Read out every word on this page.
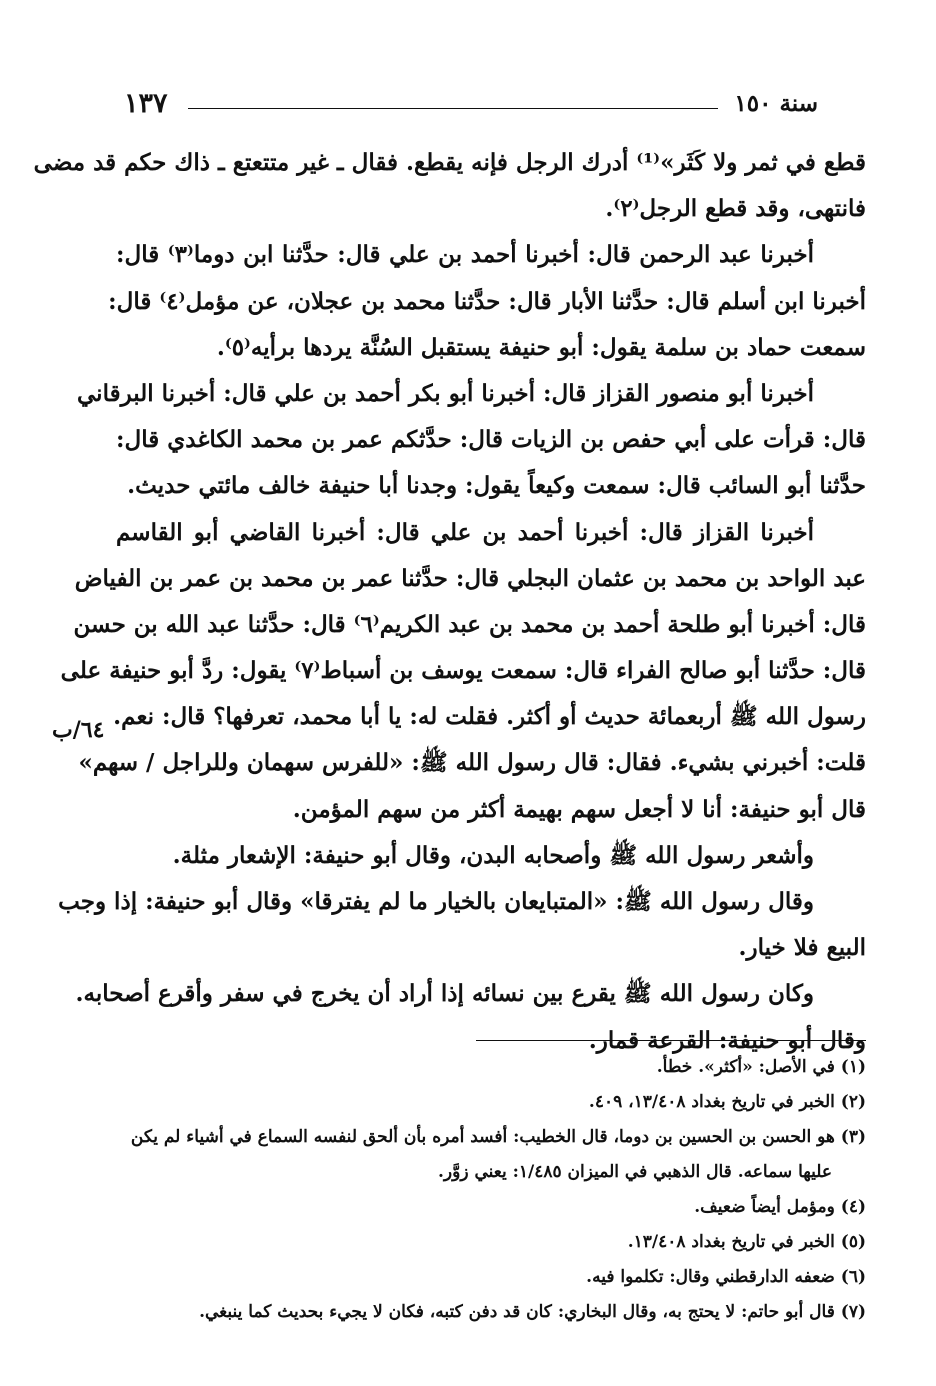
١٣٧	سنة ١٥٠
قطع في ثمر ولا كَثَر»⁽¹⁾ أدرك الرجل فإنه يقطع. فقال ـ غير متتعتع ـ ذاك حكم قد مضى
فانتهى، وقد قطع الرجل⁽٢⁾.
أخبرنا عبد الرحمن قال: أخبرنا أحمد بن علي قال: حدَّثنا ابن دوما⁽٣⁾ قال:
أخبرنا ابن أسلم قال: حدَّثنا الأبار قال: حدَّثنا محمد بن عجلان، عن مؤمل⁽٤⁾ قال:
سمعت حماد بن سلمة يقول: أبو حنيفة يستقبل السُنَّة يردها برأيه⁽٥⁾.
أخبرنا أبو منصور القزاز قال: أخبرنا أبو بكر أحمد بن علي قال: أخبرنا البرقاني
قال: قرأت على أبي حفص بن الزيات قال: حدَّثكم عمر بن محمد الكاغدي قال:
حدَّثنا أبو السائب قال: سمعت وكيعاً يقول: وجدنا أبا حنيفة خالف مائتي حديث.
أخبرنا القزاز قال: أخبرنا أحمد بن علي قال: أخبرنا القاضي أبو القاسم
عبد الواحد بن محمد بن عثمان البجلي قال: حدَّثنا عمر بن محمد بن عمر بن الفياض
قال: أخبرنا أبو طلحة أحمد بن محمد بن عبد الكريم⁽٦⁾ قال: حدَّثنا عبد الله بن حسن
قال: حدَّثنا أبو صالح الفراء قال: سمعت يوسف بن أسباط⁽٧⁾ يقول: ردَّ أبو حنيفة على
رسول الله ﷺ أربعمائة حديث أو أكثر. فقلت له: يا أبا محمد، تعرفها؟ قال: نعم.
قلت: أخبرني بشيء. فقال: قال رسول الله ﷺ: «للفرس سهمان وللراجل / سهم»
قال أبو حنيفة: أنا لا أجعل سهم بهيمة أكثر من سهم المؤمن.
وأشعر رسول الله ﷺ وأصحابه البدن، وقال أبو حنيفة: الإشعار مثلة.
وقال رسول الله ﷺ: «المتبايعان بالخيار ما لم يفترقا» وقال أبو حنيفة: إذا وجب
البيع فلا خيار.
وكان رسول الله ﷺ يقرع بين نسائه إذا أراد أن يخرج في سفر وأقرع أصحابه.
وقال أبو حنيفة: القرعة قمار.
٦٤/ب
(١) في الأصل: «أكثر». خطأ.
(٢) الخبر في تاريخ بغداد ١٣/٤٠٨، ٤٠٩.
(٣) هو الحسن بن الحسين بن دوما، قال الخطيب: أفسد أمره بأن ألحق لنفسه السماع في أشياء لم يكن
عليها سماعه. قال الذهبي في الميزان ١/٤٨٥: يعني زوَّر.
(٤) ومؤمل أيضاً ضعيف.
(٥) الخبر في تاريخ بغداد ١٣/٤٠٨.
(٦) ضعفه الدارقطني وقال: تكلموا فيه.
(٧) قال أبو حاتم: لا يحتج به، وقال البخاري: كان قد دفن كتبه، فكان لا يجيء بحديث كما ينبغي.
